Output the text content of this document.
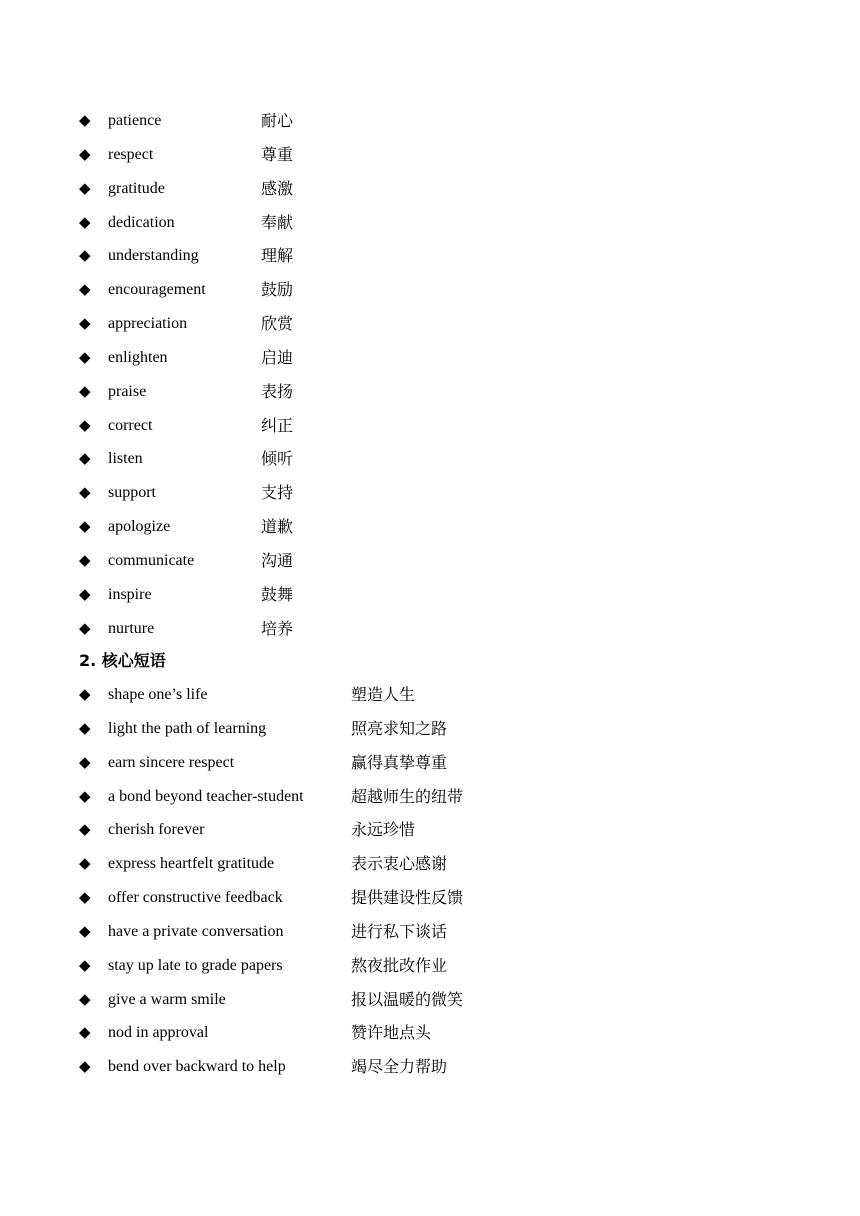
◆ patience	耐心
◆ respect	尊重
◆ gratitude	感激
◆ dedication	奉献
◆ understanding	理解
◆ encouragement	鼓励
◆ appreciation	欣赏
◆ enlighten	启迪
◆ praise	表扬
◆ correct	纠正
◆ listen	倾听
◆ support	支持
◆ apologize	道歉
◆ communicate	沟通
◆ inspire	鼓舞
◆ nurture	培养
2. 核心短语
◆ shape one’s life	塑造人生
◆ light the path of learning	照亮求知之路
◆ earn sincere respect	赢得真挚尊重
◆ a bond beyond teacher-student	超越师生的纽带
◆ cherish forever	永远珍惜
◆ express heartfelt gratitude	表示衷心感谢
◆ offer constructive feedback	提供建设性反馈
◆ have a private conversation	进行私下谈话
◆ stay up late to grade papers	熬夜批改作业
◆ give a warm smile	报以温暖的微笑
◆ nod in approval	赞许地点头
◆ bend over backward to help	竭尽全力帮助
